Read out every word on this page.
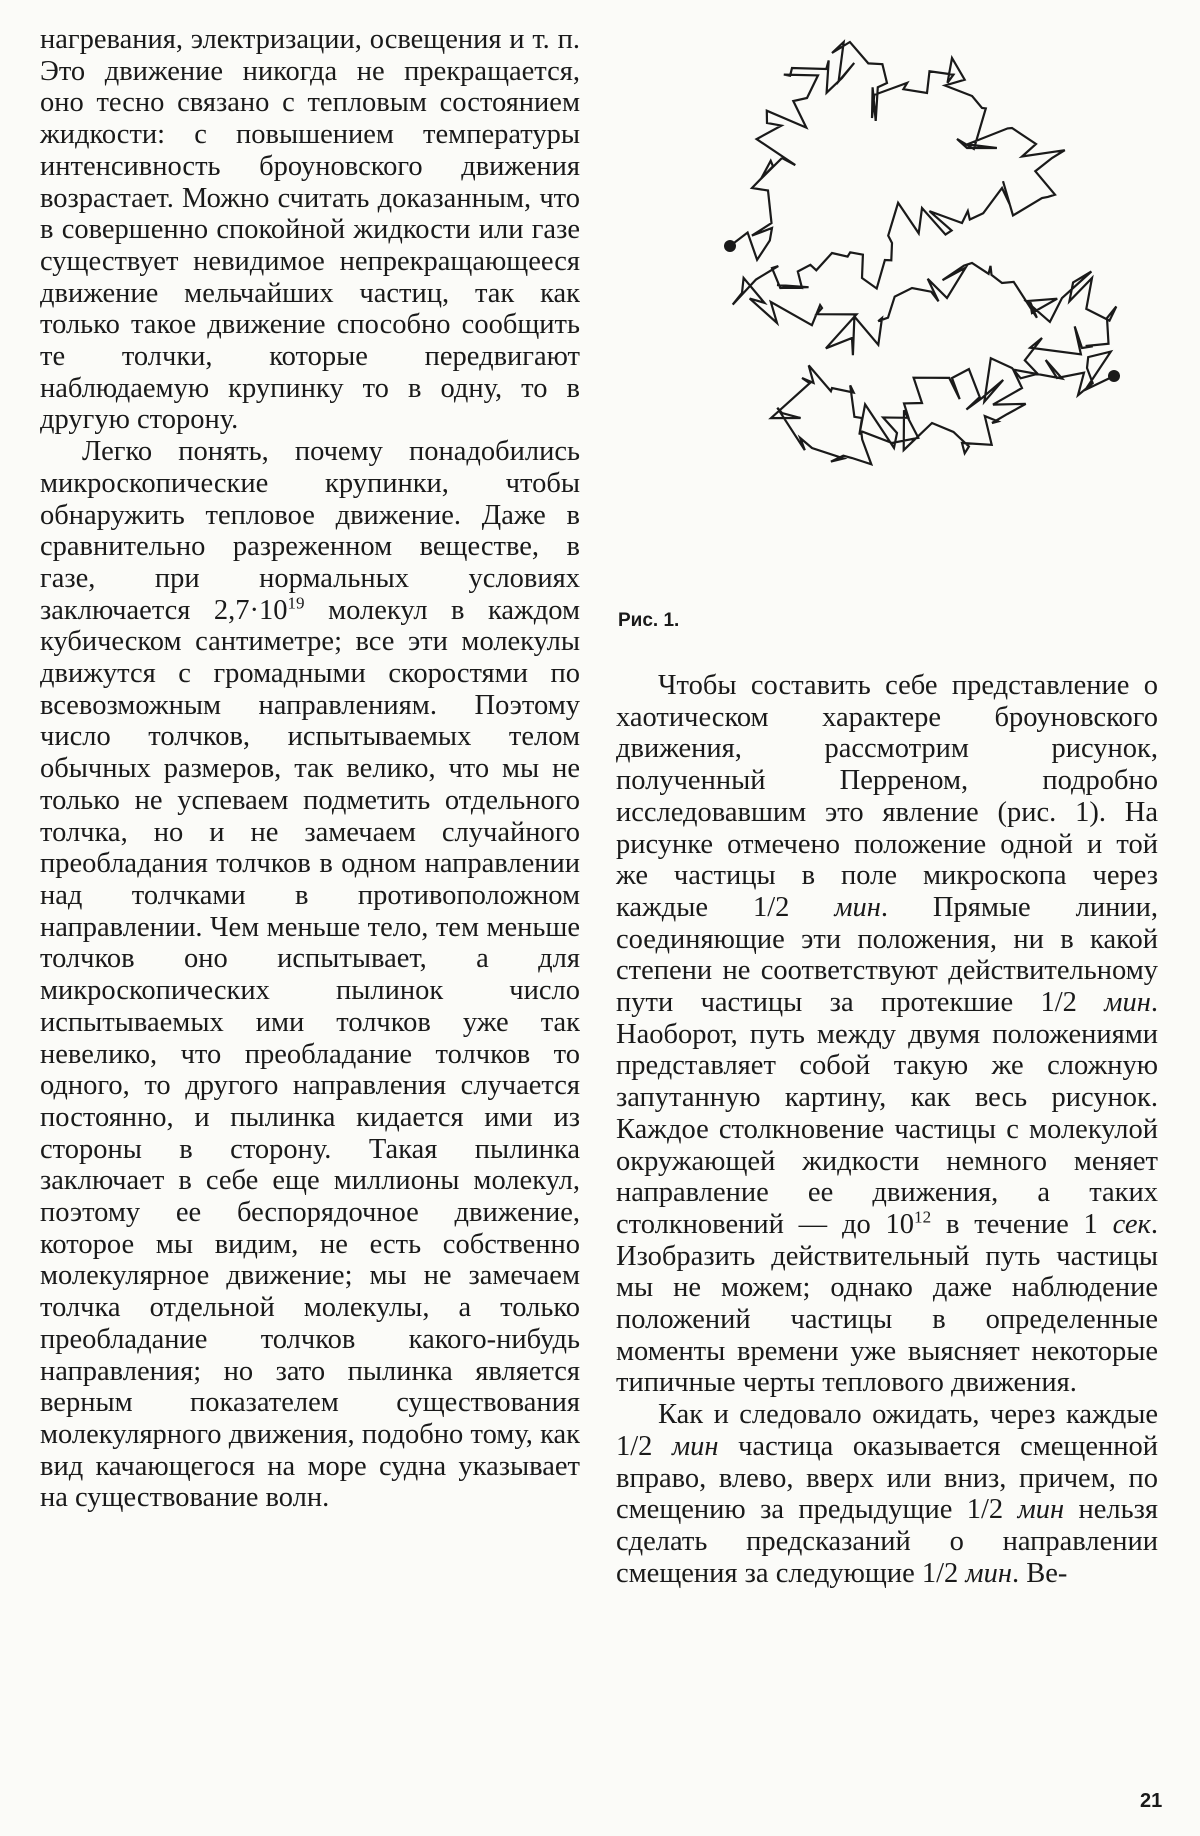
нагревания, электризации, освещения и т. п. Это движение никогда не прекращается, оно тесно связано с тепловым состоянием жидкости: с повышением температуры интенсивность броуновского движения возрастает. Можно считать доказанным, что в совершенно спокойной жидкости или газе существует невидимое непрекращающееся движение мельчайших частиц, так как только такое движение способно сообщить те толчки, которые передвигают наблюдаемую крупинку то в одну, то в другую сторону.

Легко понять, почему понадобились микроскопические крупинки, чтобы обнаружить тепловое движение. Даже в сравнительно разреженном веществе, в газе, при нормальных условиях заключается $2,7\cdot 10^{19}$ молекул в каждом кубическом сантиметре; все эти молекулы движутся с громадными скоростями по всевозможным направлениям. Поэтому число толчков, испытываемых телом обычных размеров, так велико, что мы не только не успеваем подметить отдельного толчка, но и не замечаем случайного преобладания толчков в одном направлении над толчками в противоположном направлении. Чем меньше тело, тем меньше толчков оно испытывает, а для микроскопических пылинок число испытываемых ими толчков уже так невелико, что преобладание толчков то одного, то другого направления случается постоянно, и пылинка кидается ими из стороны в сторону. Такая пылинка заключает в себе еще миллионы молекул, поэтому ее беспорядочное движение, которое мы видим, не есть собственно молекулярное движение; мы не замечаем толчка отдельной молекулы, а только преобладание толчков какого-нибудь направления; но зато пылинка является верным показателем существования молекулярного движения, подобно тому, как вид качающегося на море судна указывает на существование волн.

Рис. 1.

Чтобы составить себе представление о хаотическом характере броуновского движения, рассмотрим рисунок, полученный Перреном, подробно исследовавшим это явление (рис. 1). На рисунке отмечено положение одной и той же частицы в поле микроскопа через каждые 1/2 мин. Прямые линии, соединяющие эти положения, ни в какой степени не соответствуют действительному пути частицы за протекшие 1/2 мин. Наоборот, путь между двумя положениями представляет собой такую же сложную запутанную картину, как весь рисунок. Каждое столкновение частицы с молекулой окружающей жидкости немного меняет направление ее движения, а таких столкновений — до $10^{12}$ в течение 1 сек. Изобразить действительный путь частицы мы не можем; однако даже наблюдение положений частицы в определенные моменты времени уже выясняет некоторые типичные черты теплового движения.

Как и следовало ожидать, через каждые 1/2 мин частица оказывается смещенной вправо, влево, вверх или вниз, причем, по смещению за предыдущие 1/2 мин нельзя сделать предсказаний о направлении смещения за следующие 1/2 мин. Ве-

21
